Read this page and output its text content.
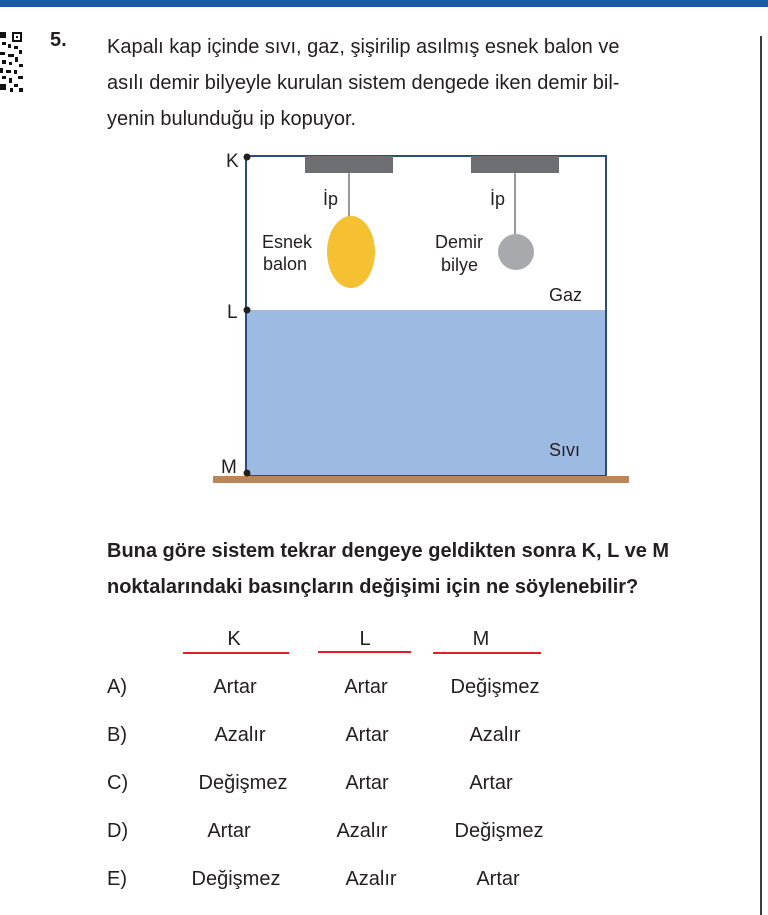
5. Kapalı kap içinde sıvı, gaz, şişirilip asılmış esnek balon ve
asılı demir bilyeyle kurulan sistem dengede iken demir bil-
yenin bulunduğu ip kopuyor.

K
L
M
İp	İp
Esnek
balon
Demir
bilye
Gaz
Sıvı

Buna göre sistem tekrar dengeye geldikten sonra K, L ve M
noktalarındaki basınçların değişimi için ne söylenebilir?

K	L	M
A)	Artar	Artar	Değişmez
B)	Azalır	Artar	Azalır
C)	Değişmez	Artar	Artar
D)	Artar	Azalır	Değişmez
E)	Değişmez	Azalır	Artar
